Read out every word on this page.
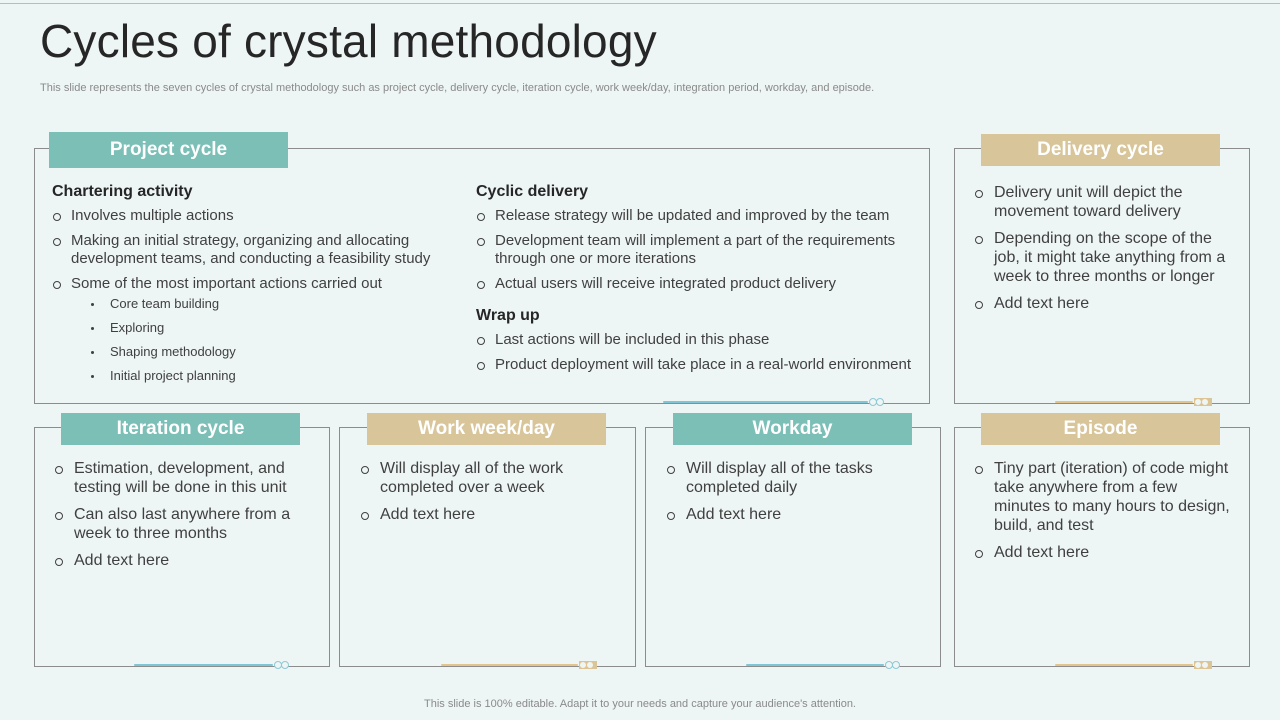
Cycles of crystal methodology

This slide represents the seven cycles of crystal methodology such as project cycle, delivery cycle, iteration cycle, work week/day, integration period, workday, and episode.

Project cycle

Chartering activity

Involves multiple actions
Making an initial strategy, organizing and allocating development teams, and conducting a feasibility study
Some of the most important actions carried out
Core team building
Exploring
Shaping methodology
Initial project planning

Cyclic delivery

Release strategy will be updated and improved by the team
Development team will implement a part of the requirements through one or more iterations
Actual users will receive integrated product delivery

Wrap up

Last actions will be included in this phase
Product deployment will take place in a real-world environment
Delivery cycle
Delivery unit will depict the movement toward delivery
Depending on the scope of the job, it might take anything from a week to three months or longer
Add text here
Iteration cycle
Estimation, development, and testing will be done in this unit
Can also last anywhere from a week to three months
Add text here
Work week/day
Will display all of the work completed over a week
Add text here
Workday
Will display all of the tasks completed daily
Add text here
Episode
Tiny part (iteration) of code might take anywhere from a few minutes to many hours to design, build, and test
Add text here
This slide is 100% editable. Adapt it to your needs and capture your audience's attention.
